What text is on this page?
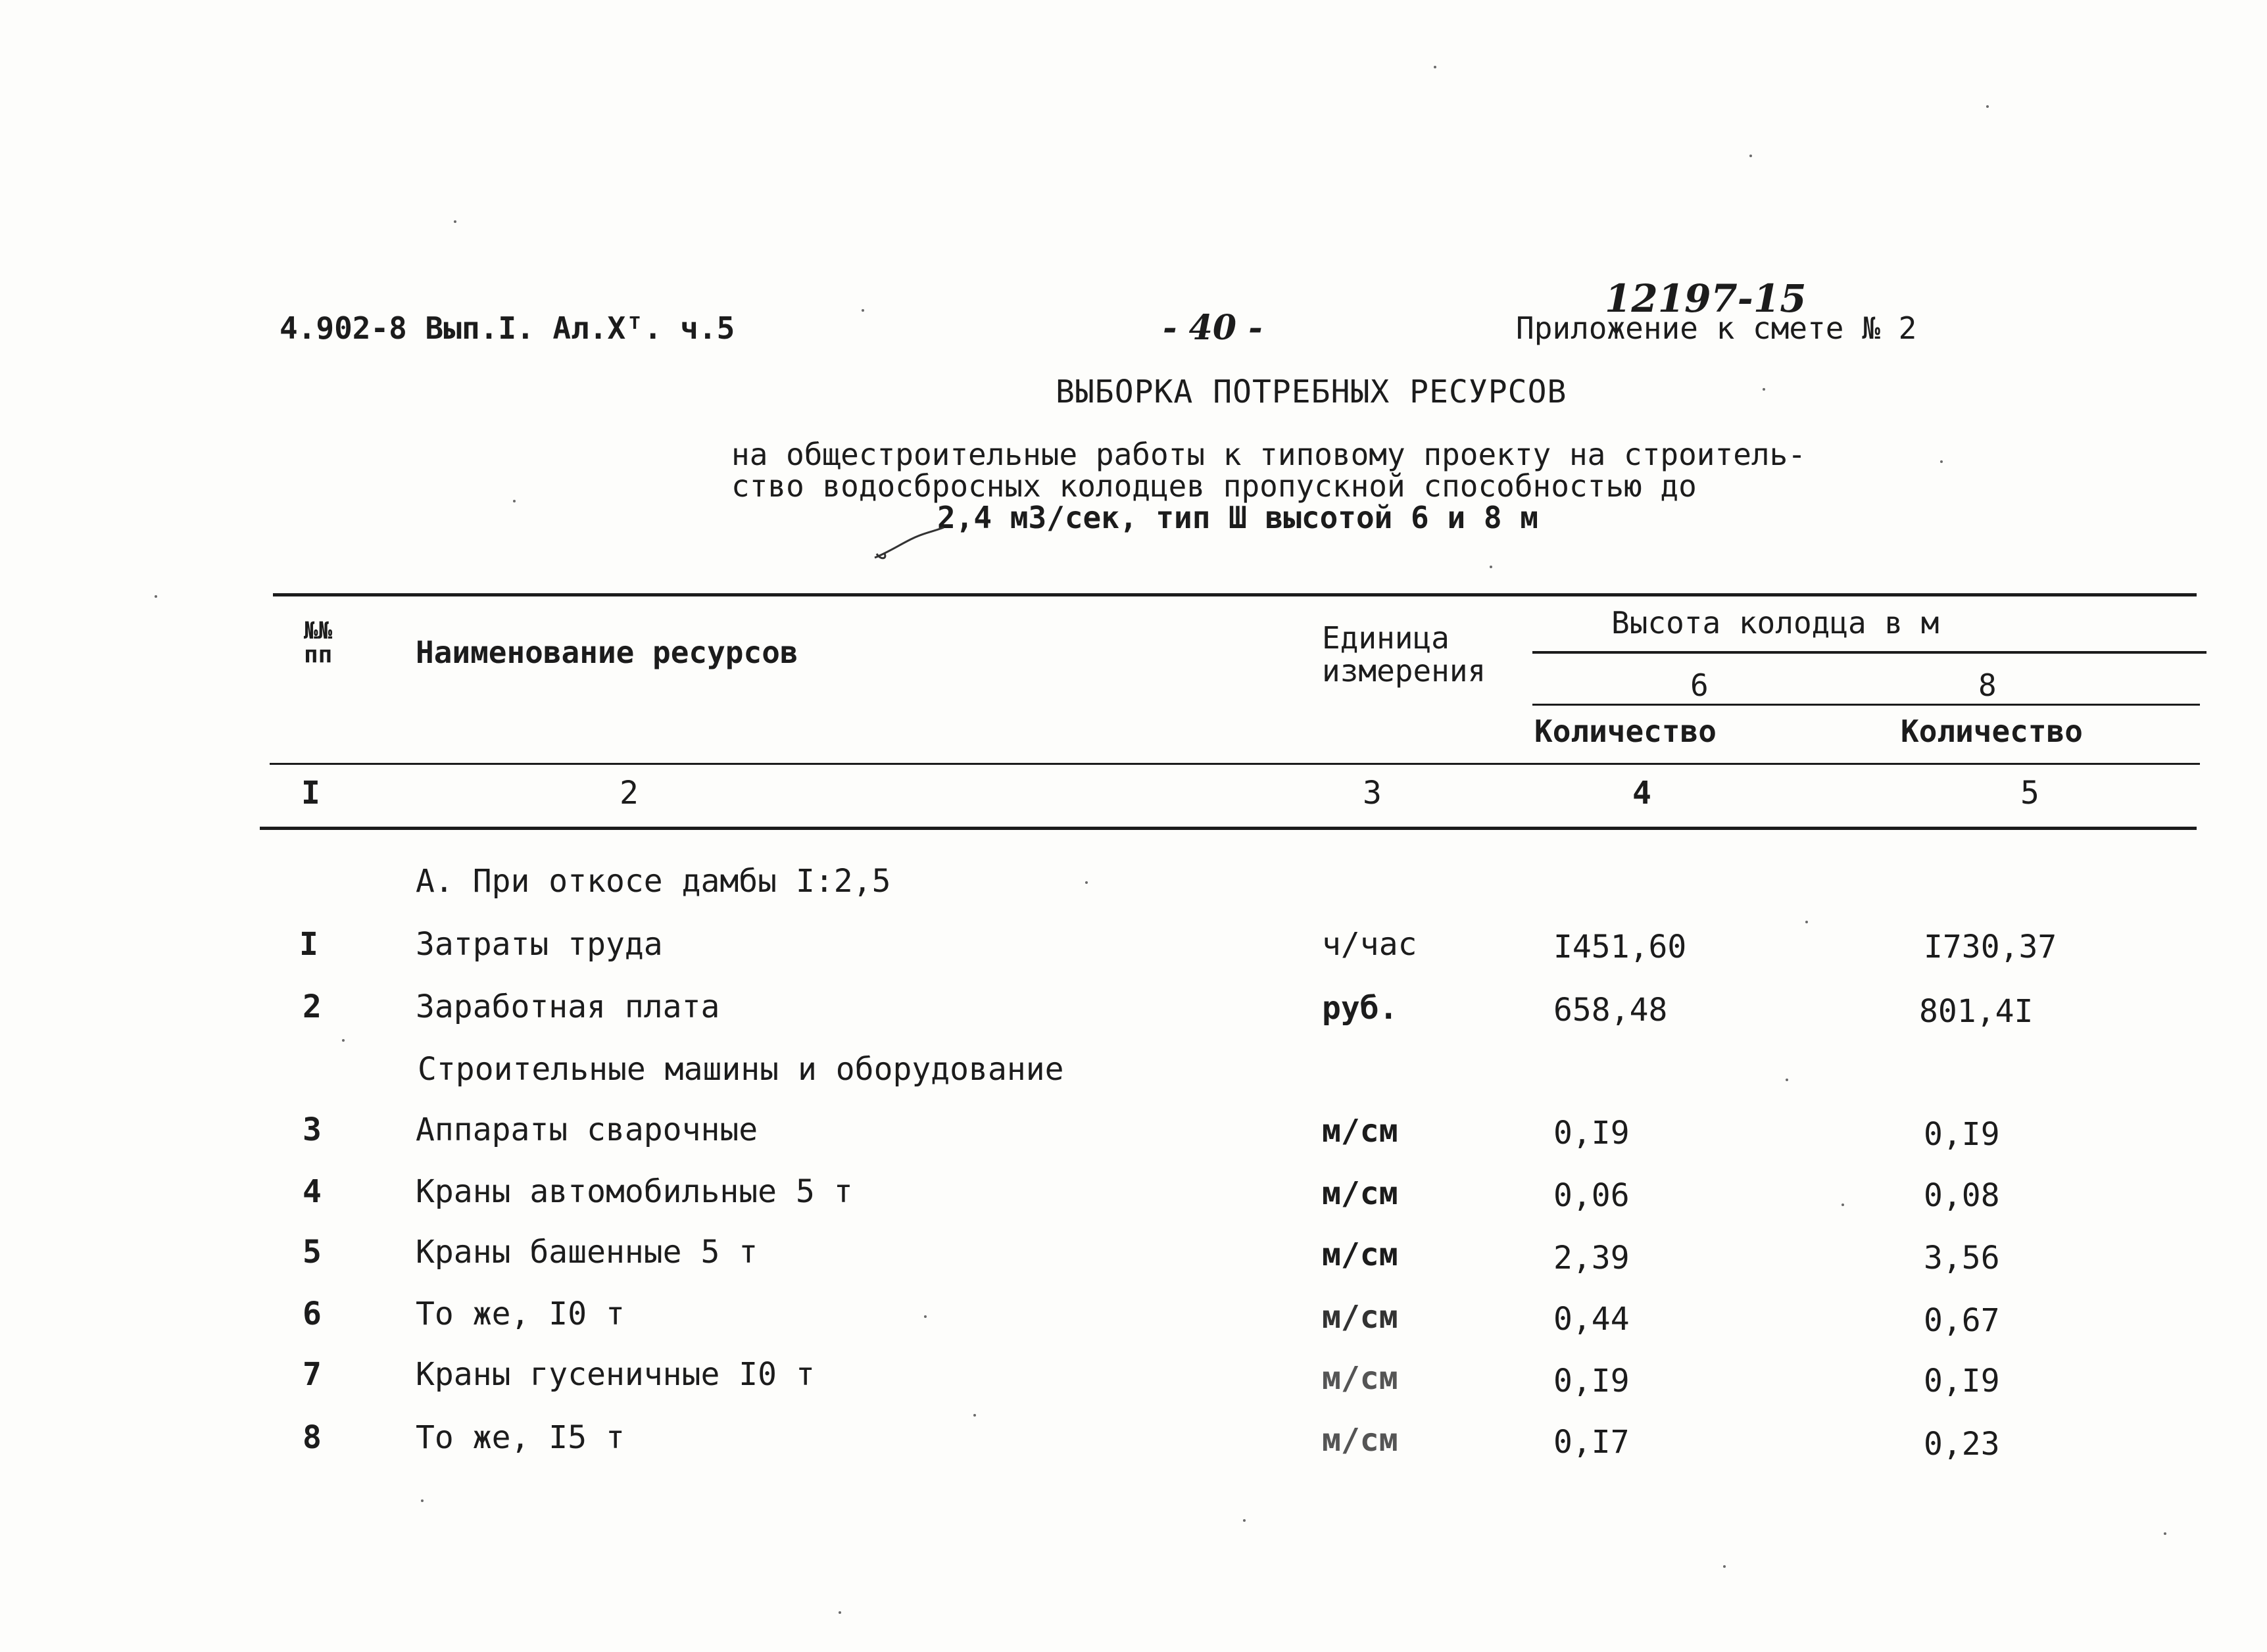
4.902-8 Вып.I. Ал.Хᵀ. ч.5	- 40 -
12197-15
Приложение к смете № 2
ВЫБОРКА ПОТРЕБНЫХ РЕСУРСОВ
на общестроительные работы к типовому проекту на строитель-
ство водосбросных колодцев пропускной способностью до
2,4 м3/сек, тип Ш высотой 6 и 8 м
№№
пп	Наименование ресурсов	Единица
измерения
Высота колодца в м
6	8
Количество	Количество
I	2	3	4	5
А. При откосе дамбы I:2,5
I	Затраты труда	ч/час	I451,60	I730,37
2	Заработная плата	руб.	658,48	801,4I
Строительные машины и оборудование
3	Аппараты сварочные	м/см	0,I9	0,I9
4	Краны автомобильные 5 т	м/см	0,06	0,08
5	Краны башенные 5 т	м/см	2,39	3,56
6	То же, I0 т	м/см	0,44	0,67
7	Краны гусеничные I0 т	м/см	0,I9	0,I9
8	То же, I5 т	м/см	0,I7	0,23
